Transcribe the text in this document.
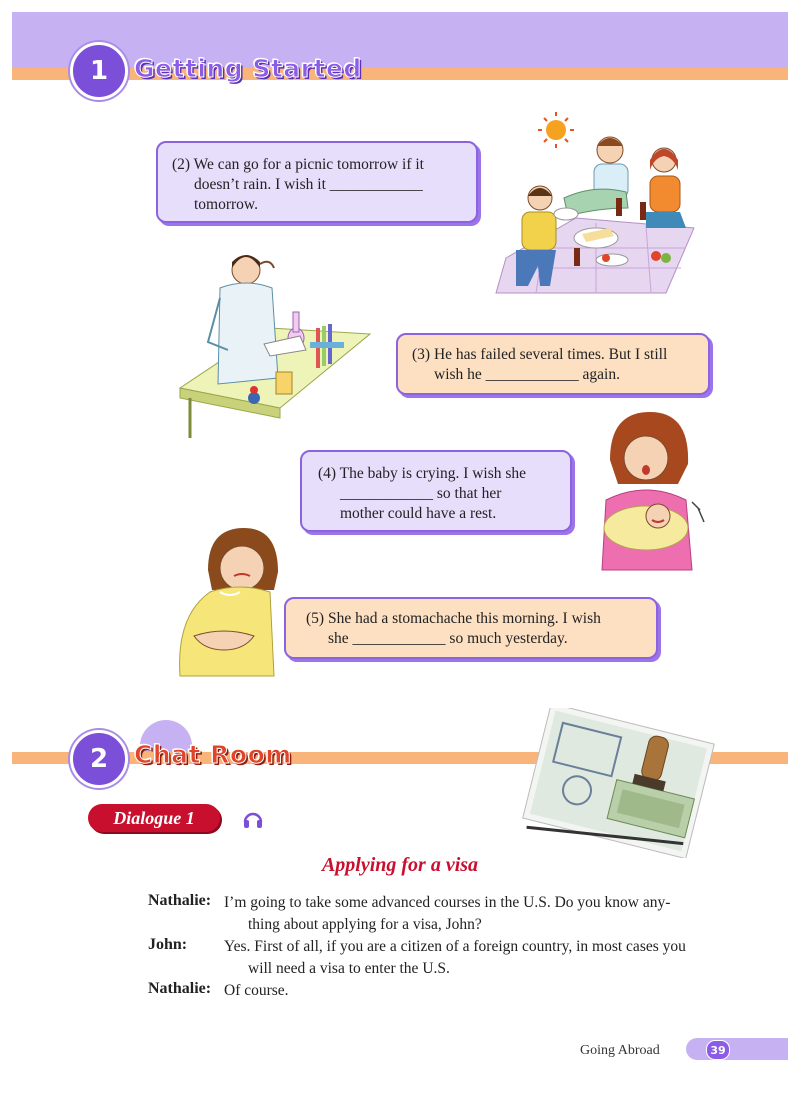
1	Getting Started

(2) We can go for a picnic tomorrow if it

doesn’t rain. I wish it ____________

tomorrow.

(3) He has failed several times. But I still

wish he ____________ again.

(4) The baby is crying. I wish she

____________ so that her

mother could have a rest.

(5) She had a stomachache this morning. I wish

she ____________ so much yesterday.

2	Chat Room
Dialogue 1
Applying for a visa
Nathalie: I’m going to take some advanced courses in the U.S. Do you know any-
thing about applying for a visa, John?
John: Yes. First of all, if you are a citizen of a foreign country, in most cases you
will need a visa to enter the U.S.
Nathalie: Of course.
Going Abroad	39
